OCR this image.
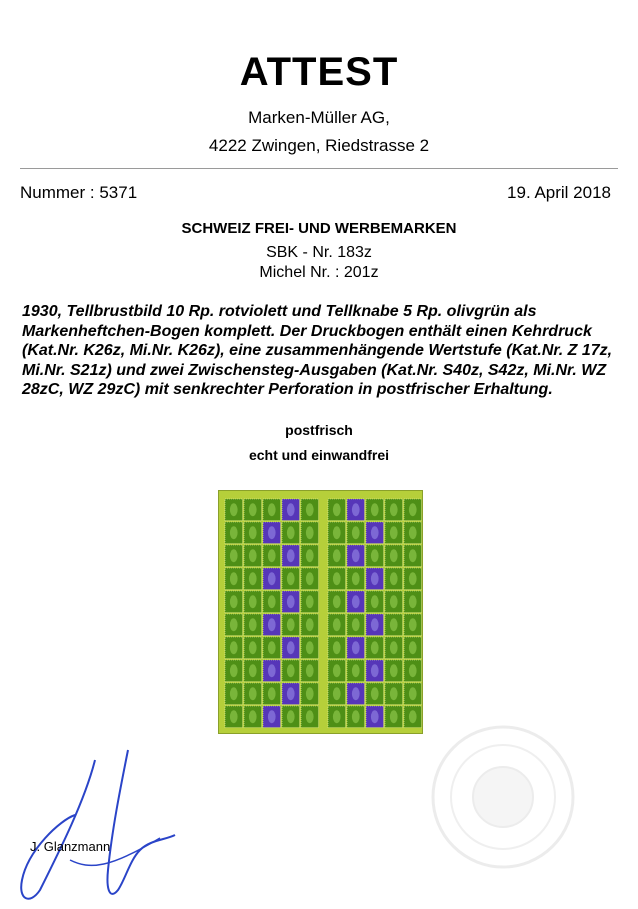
ATTEST
Marken-Müller AG,
4222 Zwingen, Riedstrasse 2
Nummer : 5371	19. April 2018
SCHWEIZ FREI- UND WERBEMARKEN
SBK - Nr. 183z
Michel Nr. : 201z
1930, Tellbrustbild 10 Rp. rotviolett und Tellknabe 5 Rp. olivgrün als Markenheftchen-Bogen komplett. Der Druckbogen enthält einen Kehrdruck (Kat.Nr. K26z, Mi.Nr. K26z), eine zusammenhängende Wertstufe (Kat.Nr. Z 17z, Mi.Nr. S21z) und zwei Zwischensteg-Ausgaben (Kat.Nr. S40z, S42z, Mi.Nr. WZ 28zC, WZ 29zC) mit senkrechter Perforation in postfrischer Erhaltung.
postfrisch
echt und einwandfrei
J. Glanzmann
